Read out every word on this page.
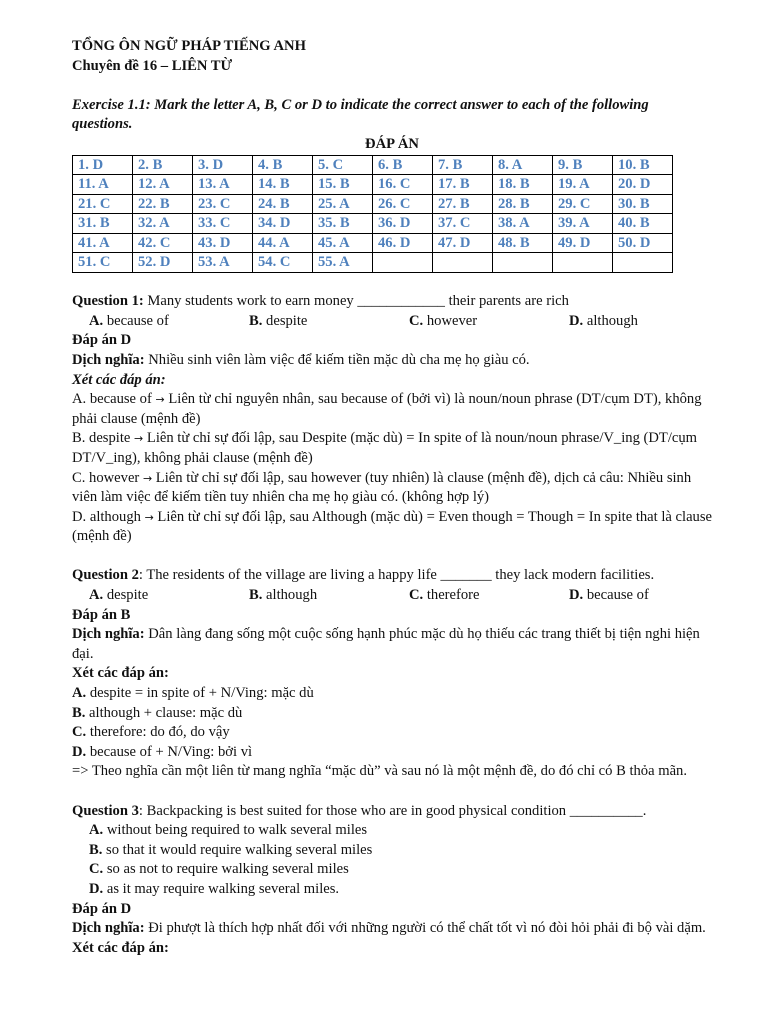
TỔNG ÔN NGỮ PHÁP TIẾNG ANH
Chuyên đề 16 – LIÊN TỪ
Exercise 1.1: Mark the letter A, B, C or D to indicate the correct answer to each of the following questions.
ĐÁP ÁN
1. D	2. B	3. D	4. B	5. C	6. B	7. B	8. A	9. B	10. B
11. A	12. A	13. A	14. B	15. B	16. C	17. B	18. B	19. A	20. D
21. C	22. B	23. C	24. B	25. A	26. C	27. B	28. B	29. C	30. B
31. B	32. A	33. C	34. D	35. B	36. D	37. C	38. A	39. A	40. B
41. A	42. C	43. D	44. A	45. A	46. D	47. D	48. B	49. D	50. D
51. C	52. D	53. A	54. C	55. A					
Question 1: Many students work to earn money ____________ their parents are rich
A. because of	B. despite	C. however	D. although
Đáp án D
Dịch nghĩa: Nhiều sinh viên làm việc để kiếm tiền mặc dù cha mẹ họ giàu có.
Xét các đáp án:
A. because of → Liên từ chỉ nguyên nhân, sau because of (bởi vì) là noun/noun phrase (DT/cụm DT), không phải clause (mệnh đề)
B. despite → Liên từ chỉ sự đối lập, sau Despite (mặc dù) = In spite of là noun/noun phrase/V_ing (DT/cụm DT/V_ing), không phải clause (mệnh đề)
C. however → Liên từ chỉ sự đối lập, sau however (tuy nhiên) là clause (mệnh đề), dịch cả câu: Nhiều sinh viên làm việc để kiếm tiền tuy nhiên cha mẹ họ giàu có. (không hợp lý)
D. although → Liên từ chỉ sự đối lập, sau Although (mặc dù) = Even though = Though = In spite that là clause (mệnh đề)
Question 2: The residents of the village are living a happy life _______ they lack modern facilities.
A. despite	B. although	C. therefore	D. because of
Đáp án B
Dịch nghĩa: Dân làng đang sống một cuộc sống hạnh phúc mặc dù họ thiếu các trang thiết bị tiện nghi hiện đại.
Xét các đáp án:
A. despite = in spite of + N/Ving: mặc dù
B. although + clause: mặc dù
C. therefore: do đó, do vậy
D. because of + N/Ving: bởi vì
=> Theo nghĩa cần một liên từ mang nghĩa “mặc dù” và sau nó là một mệnh đề, do đó chỉ có B thỏa mãn.
Question 3: Backpacking is best suited for those who are in good physical condition __________.
A. without being required to walk several miles
B. so that it would require walking several miles
C. so as not to require walking several miles
D. as it may require walking several miles.
Đáp án D
Dịch nghĩa: Đi phượt là thích hợp nhất đối với những người có thể chất tốt vì nó đòi hỏi phải đi bộ vài dặm.
Xét các đáp án:
